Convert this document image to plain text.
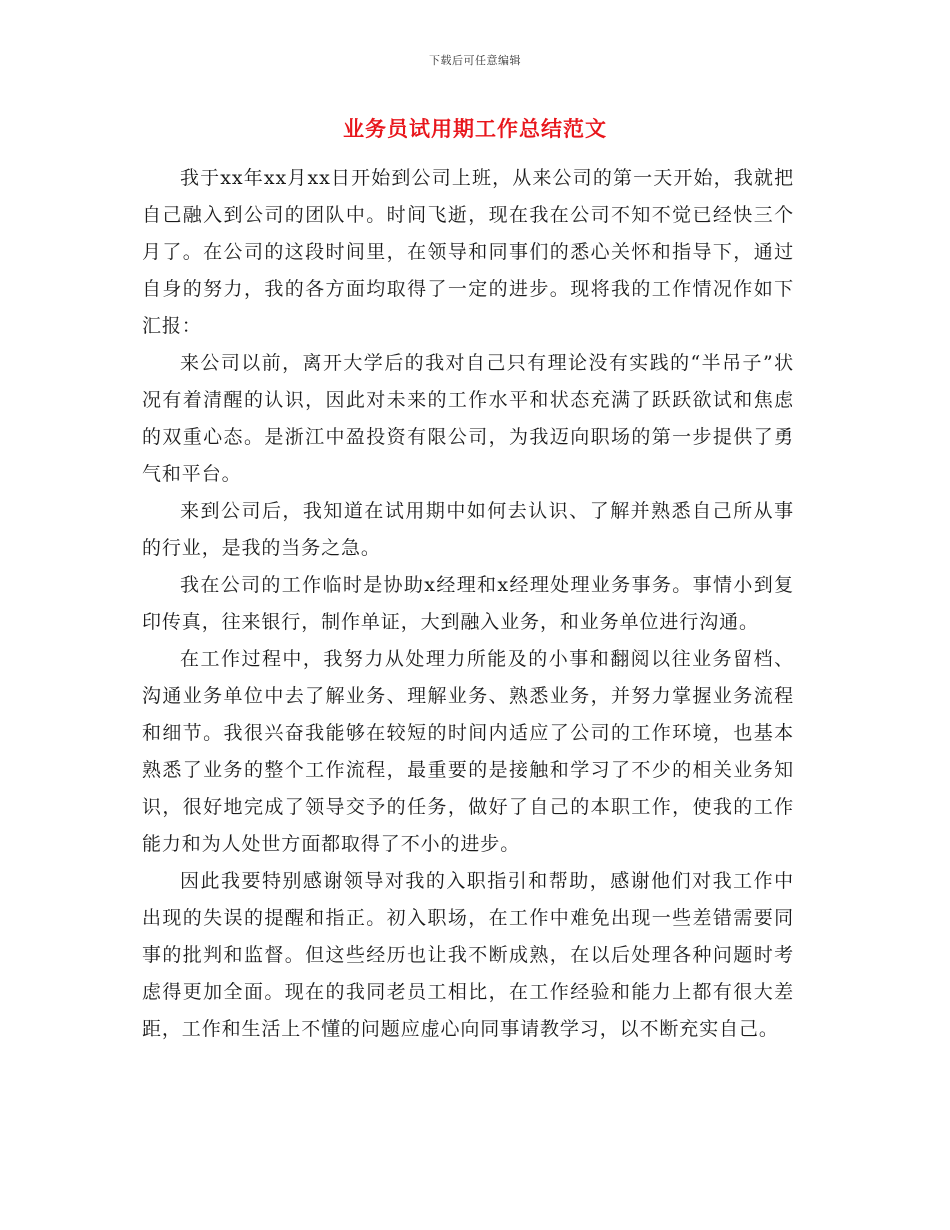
下载后可任意编辑
业务员试用期工作总结范文

我于xx年xx月xx日开始到公司上班，从来公司的第一天开始，我就把自己融入到公司的团队中。时间飞逝，现在我在公司不知不觉已经快三个月了。在公司的这段时间里，在领导和同事们的悉心关怀和指导下，通过自身的努力，我的各方面均取得了一定的进步。现将我的工作情况作如下汇报：

来公司以前，离开大学后的我对自己只有理论没有实践的“半吊子”状况有着清醒的认识，因此对未来的工作水平和状态充满了跃跃欲试和焦虑的双重心态。是浙江中盈投资有限公司，为我迈向职场的第一步提供了勇气和平台。

来到公司后，我知道在试用期中如何去认识、了解并熟悉自己所从事的行业，是我的当务之急。

我在公司的工作临时是协助x经理和x经理处理业务事务。事情小到复印传真，往来银行，制作单证，大到融入业务，和业务单位进行沟通。

在工作过程中，我努力从处理力所能及的小事和翻阅以往业务留档、沟通业务单位中去了解业务、理解业务、熟悉业务，并努力掌握业务流程和细节。我很兴奋我能够在较短的时间内适应了公司的工作环境，也基本熟悉了业务的整个工作流程，最重要的是接触和学习了不少的相关业务知识，很好地完成了领导交予的任务，做好了自己的本职工作，使我的工作能力和为人处世方面都取得了不小的进步。

因此我要特别感谢领导对我的入职指引和帮助，感谢他们对我工作中出现的失误的提醒和指正。初入职场，在工作中难免出现一些差错需要同事的批判和监督。但这些经历也让我不断成熟，在以后处理各种问题时考虑得更加全面。现在的我同老员工相比，在工作经验和能力上都有很大差距，工作和生活上不懂的问题应虚心向同事请教学习，以不断充实自己。
